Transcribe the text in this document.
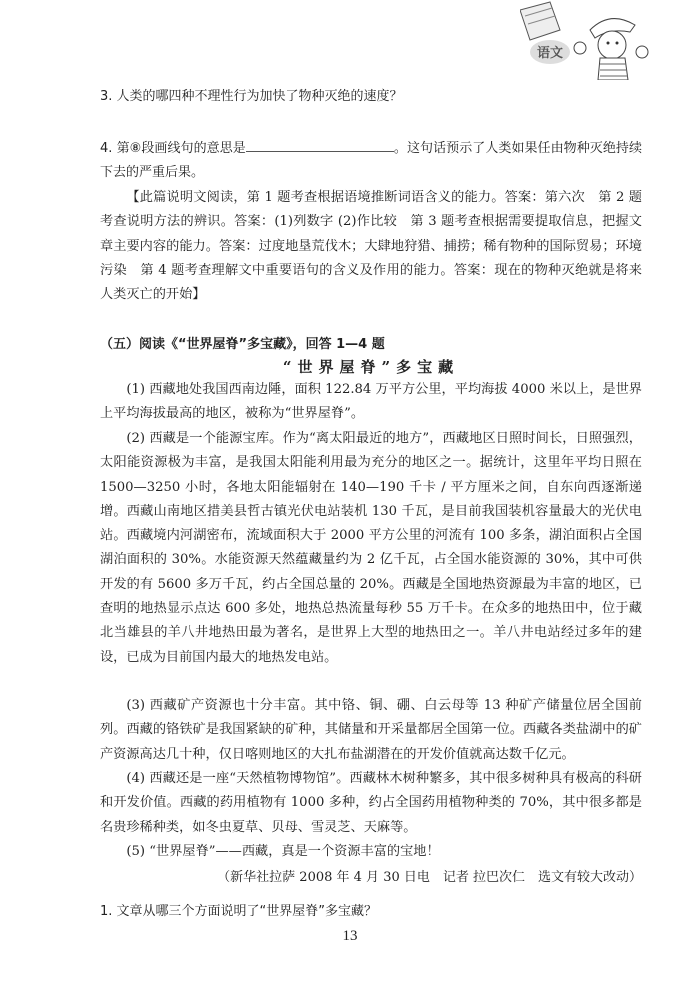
语文
3. 人类的哪四种不理性行为加快了物种灭绝的速度？
4. 第⑧段画线句的意思是	。这句话预示了人类如果任由物种灭绝持续下去的严重后果。
【此篇说明文阅读，第 1 题考查根据语境推断词语含义的能力。答案：第六次　第 2 题考查说明方法的辨识。答案：(1)列数字 (2)作比较　第 3 题考查根据需要提取信息，把握文章主要内容的能力。答案：过度地垦荒伐木；大肆地狩猎、捕捞；稀有物种的国际贸易；环境污染　第 4 题考查理解文中重要语句的含义及作用的能力。答案：现在的物种灭绝就是将来人类灭亡的开始】
（五）阅读《“世界屋脊”多宝藏》，回答 1—4 题
“世界屋脊”多宝藏
(1) 西藏地处我国西南边陲，面积 122.84 万平方公里，平均海拔 4000 米以上，是世界上平均海拔最高的地区，被称为“世界屋脊”。
(2) 西藏是一个能源宝库。作为“离太阳最近的地方”，西藏地区日照时间长，日照强烈，太阳能资源极为丰富，是我国太阳能利用最为充分的地区之一。据统计，这里年平均日照在 1500—3250 小时，各地太阳能辐射在 140—190 千卡 / 平方厘米之间，自东向西逐渐递增。西藏山南地区措美县哲古镇光伏电站装机 130 千瓦，是目前我国装机容量最大的光伏电站。西藏境内河湖密布，流域面积大于 2000 平方公里的河流有 100 多条，湖泊面积占全国湖泊面积的 30%。水能资源天然蕴藏量约为 2 亿千瓦，占全国水能资源的 30%，其中可供开发的有 5600 多万千瓦，约占全国总量的 20%。西藏是全国地热资源最为丰富的地区，已查明的地热显示点达 600 多处，地热总热流量每秒 55 万千卡。在众多的地热田中，位于藏北当雄县的羊八井地热田最为著名，是世界上大型的地热田之一。羊八井电站经过多年的建设，已成为目前国内最大的地热发电站。
(3) 西藏矿产资源也十分丰富。其中铬、铜、硼、白云母等 13 种矿产储量位居全国前列。西藏的铬铁矿是我国紧缺的矿种，其储量和开采量都居全国第一位。西藏各类盐湖中的矿产资源高达几十种，仅日喀则地区的大扎布盐湖潜在的开发价值就高达数千亿元。
(4) 西藏还是一座“天然植物博物馆”。西藏林木树种繁多，其中很多树种具有极高的科研和开发价值。西藏的药用植物有 1000 多种，约占全国药用植物种类的 70%，其中很多都是名贵珍稀种类，如冬虫夏草、贝母、雪灵芝、天麻等。
(5) “世界屋脊”——西藏，真是一个资源丰富的宝地！
（新华社拉萨 2008 年 4 月 30 日电　记者 拉巴次仁　选文有较大改动）
1. 文章从哪三个方面说明了“世界屋脊”多宝藏？
13
